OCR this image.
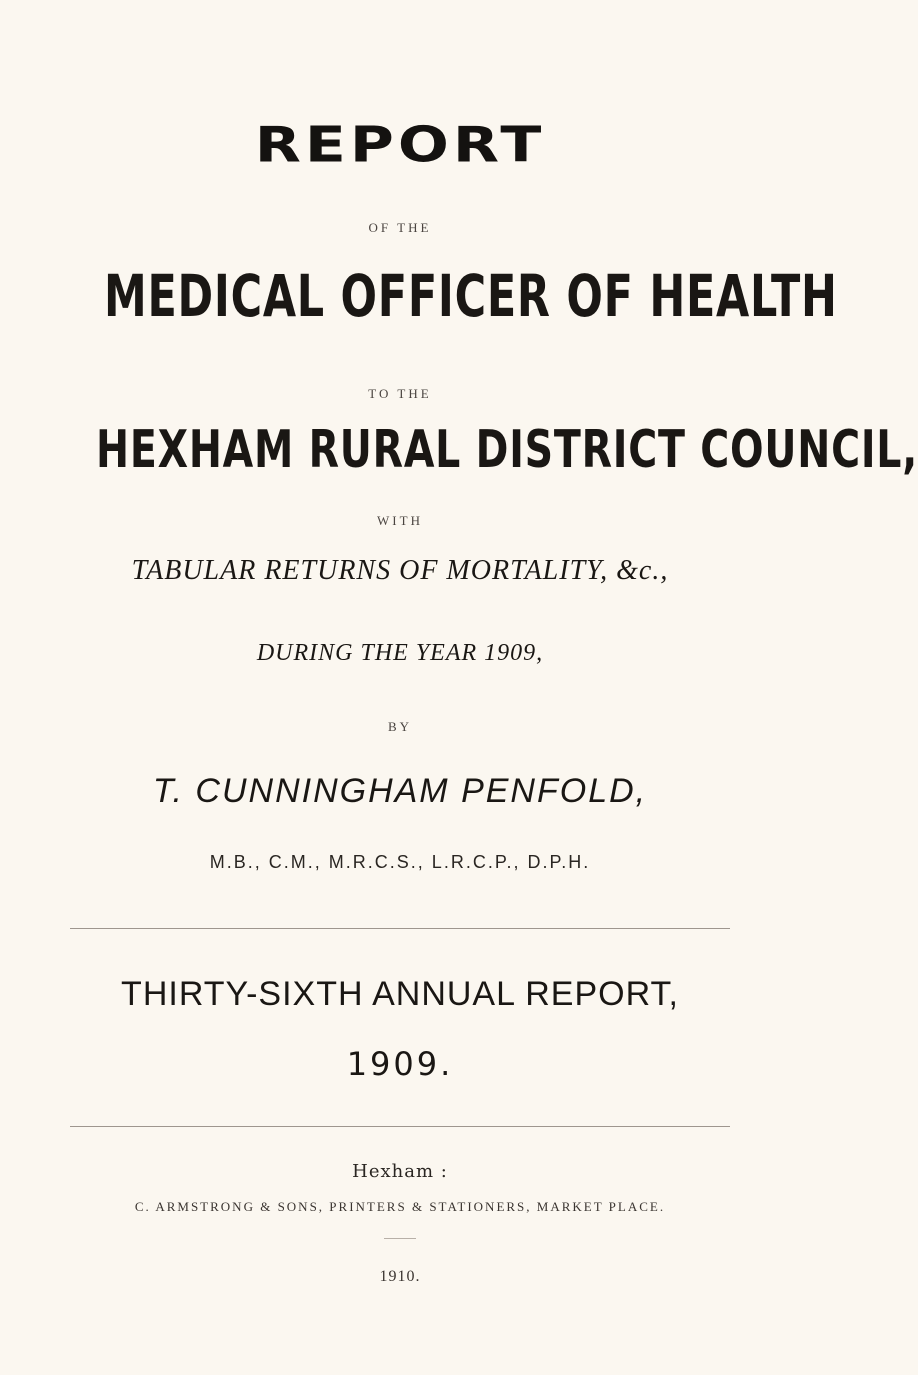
REPORT
OF THE
MEDICAL OFFICER OF HEALTH
TO THE
HEXHAM RURAL DISTRICT COUNCIL,
WITH
TABULAR RETURNS OF MORTALITY, &c.,
DURING THE YEAR 1909,
BY
T. CUNNINGHAM PENFOLD,
M.B., C.M., M.R.C.S., L.R.C.P., D.P.H.
THIRTY-SIXTH ANNUAL REPORT,
1909.
Hexham :
C. ARMSTRONG & SONS, PRINTERS & STATIONERS, MARKET PLACE.
1910.
